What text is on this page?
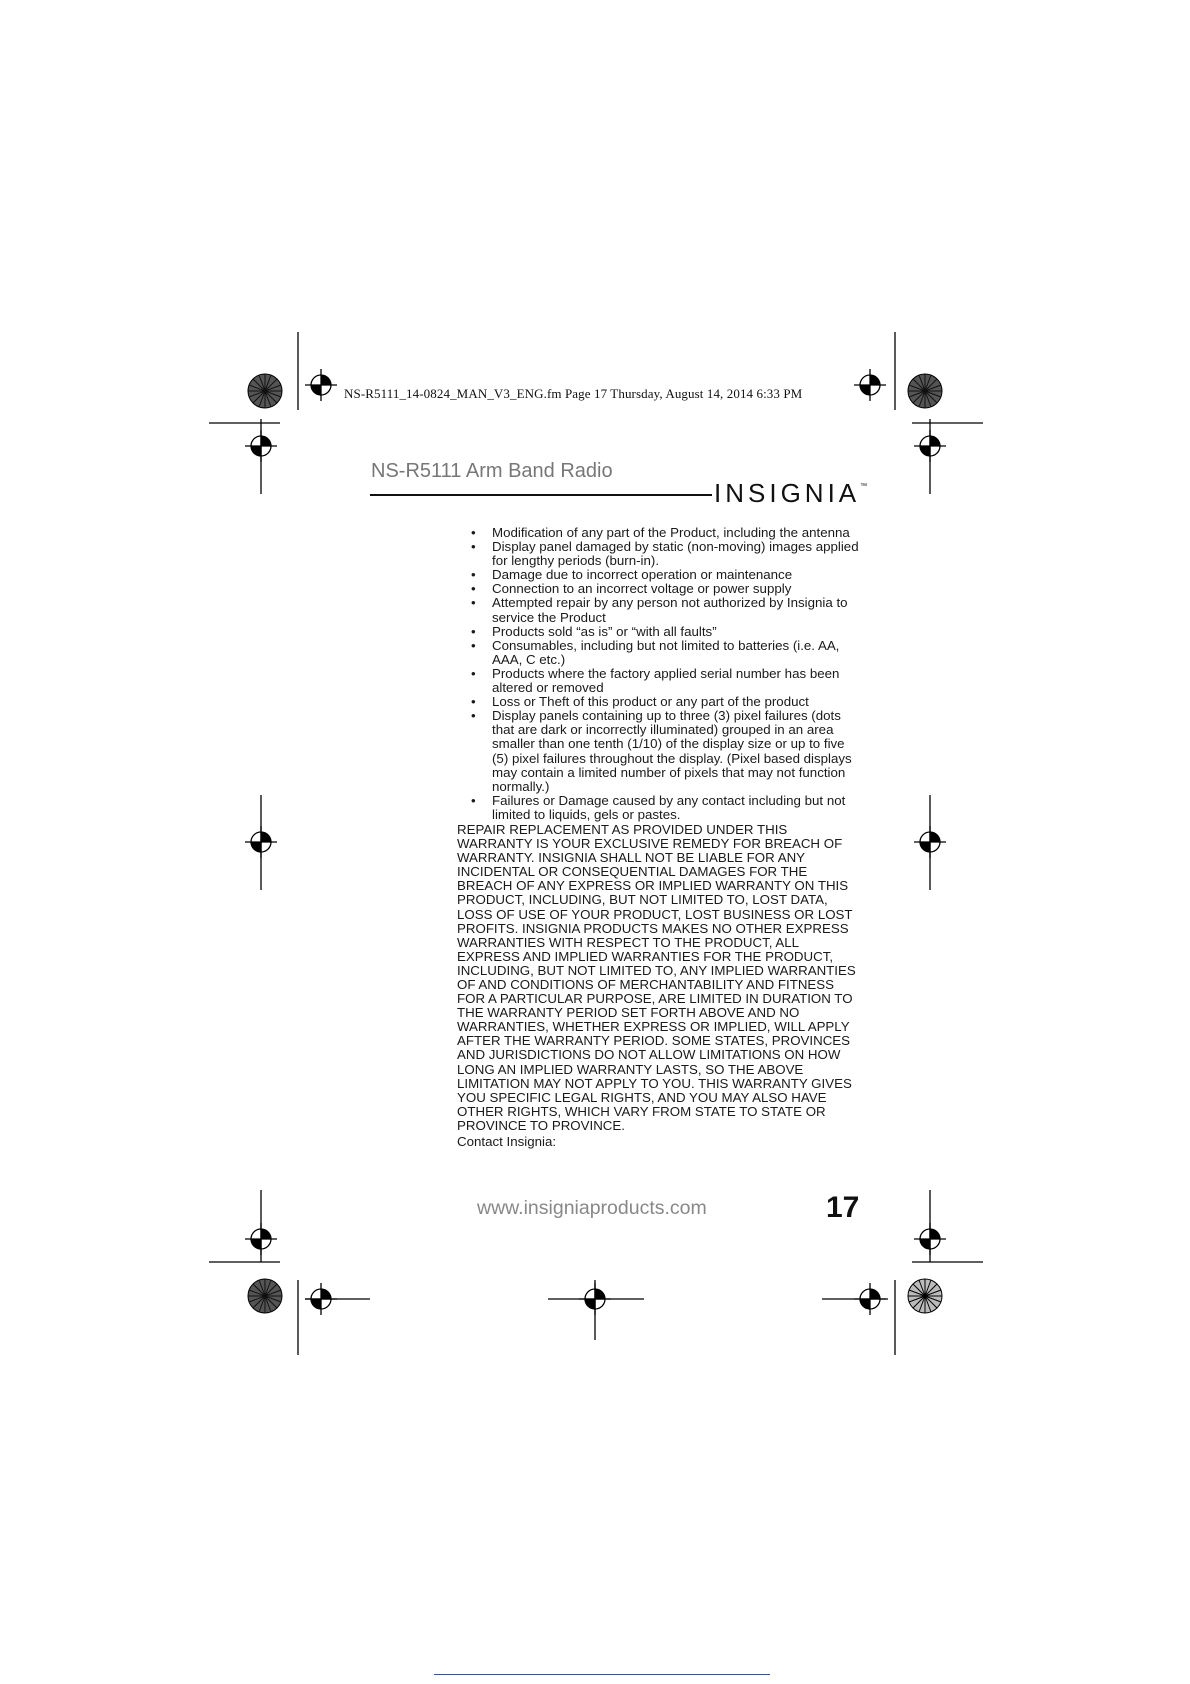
NS-R5111_14-0824_MAN_V3_ENG.fm Page 17 Thursday, August 14, 2014 6:33 PM
NS-R5111 Arm Band Radio
INSIGNIA™
• Modification of any part of the Product, including the antenna
• Display panel damaged by static (non-moving) images applied for lengthy periods (burn-in).
• Damage due to incorrect operation or maintenance
• Connection to an incorrect voltage or power supply
• Attempted repair by any person not authorized by Insignia to service the Product
• Products sold “as is” or “with all faults”
• Consumables, including but not limited to batteries (i.e. AA, AAA, C etc.)
• Products where the factory applied serial number has been altered or removed
• Loss or Theft of this product or any part of the product
• Display panels containing up to three (3) pixel failures (dots that are dark or incorrectly illuminated) grouped in an area smaller than one tenth (1/10) of the display size or up to five (5) pixel failures throughout the display. (Pixel based displays may contain a limited number of pixels that may not function normally.)
• Failures or Damage caused by any contact including but not limited to liquids, gels or pastes.

REPAIR REPLACEMENT AS PROVIDED UNDER THIS WARRANTY IS YOUR EXCLUSIVE REMEDY FOR BREACH OF WARRANTY. INSIGNIA SHALL NOT BE LIABLE FOR ANY INCIDENTAL OR CONSEQUENTIAL DAMAGES FOR THE BREACH OF ANY EXPRESS OR IMPLIED WARRANTY ON THIS PRODUCT, INCLUDING, BUT NOT LIMITED TO, LOST DATA, LOSS OF USE OF YOUR PRODUCT, LOST BUSINESS OR LOST PROFITS. INSIGNIA PRODUCTS MAKES NO OTHER EXPRESS WARRANTIES WITH RESPECT TO THE PRODUCT, ALL EXPRESS AND IMPLIED WARRANTIES FOR THE PRODUCT, INCLUDING, BUT NOT LIMITED TO, ANY IMPLIED WARRANTIES OF AND CONDITIONS OF MERCHANTABILITY AND FITNESS FOR A PARTICULAR PURPOSE, ARE LIMITED IN DURATION TO THE WARRANTY PERIOD SET FORTH ABOVE AND NO WARRANTIES, WHETHER EXPRESS OR IMPLIED, WILL APPLY AFTER THE WARRANTY PERIOD. SOME STATES, PROVINCES AND JURISDICTIONS DO NOT ALLOW LIMITATIONS ON HOW LONG AN IMPLIED WARRANTY LASTS, SO THE ABOVE LIMITATION MAY NOT APPLY TO YOU. THIS WARRANTY GIVES YOU SPECIFIC LEGAL RIGHTS, AND YOU MAY ALSO HAVE OTHER RIGHTS, WHICH VARY FROM STATE TO STATE OR PROVINCE TO PROVINCE.

Contact Insignia:

www.insigniaproducts.com	17
